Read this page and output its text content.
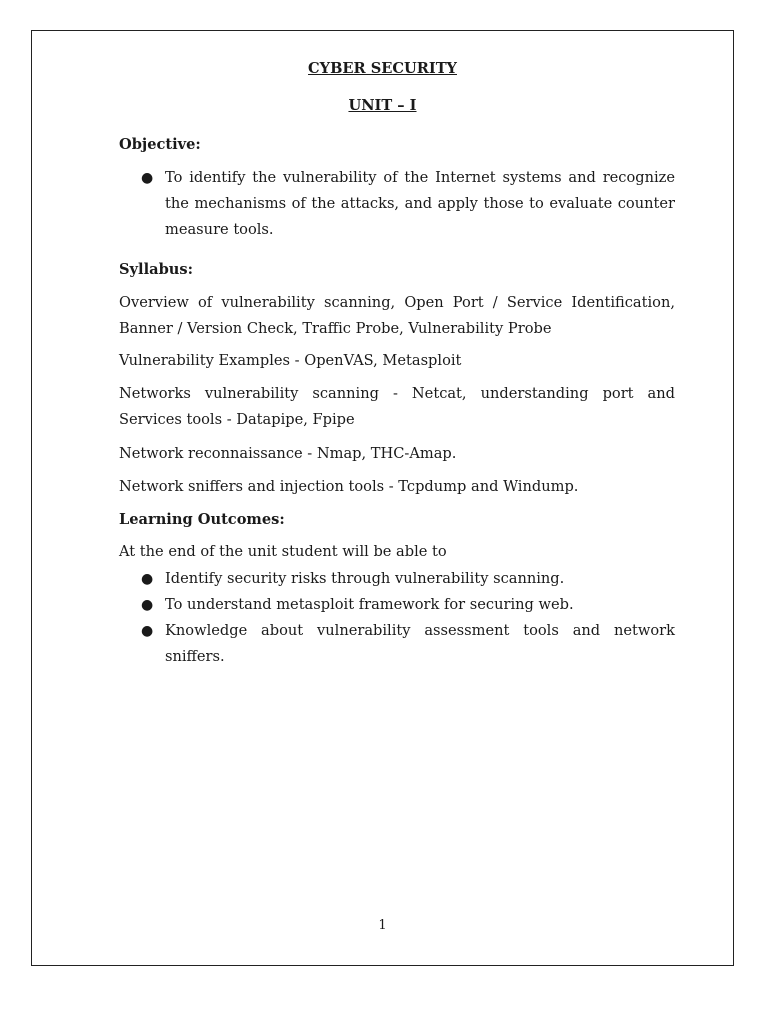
CYBER SECURITY
UNIT – I

Objective:

● To identify the vulnerability of the Internet systems and recognize the mechanisms of the attacks, and apply those to evaluate counter measure tools.

Syllabus:

Overview of vulnerability scanning, Open Port / Service Identification, Banner / Version Check, Traffic Probe, Vulnerability Probe

Vulnerability Examples - OpenVAS, Metasploit

Networks vulnerability scanning - Netcat, understanding port and Services tools - Datapipe, Fpipe

Network reconnaissance - Nmap, THC-Amap.

Network sniffers and injection tools - Tcpdump and Windump.

Learning Outcomes:

At the end of the unit student will be able to

● Identify security risks through vulnerability scanning.
● To understand metasploit framework for securing web.
● Knowledge about vulnerability assessment tools and network sniffers.
1
